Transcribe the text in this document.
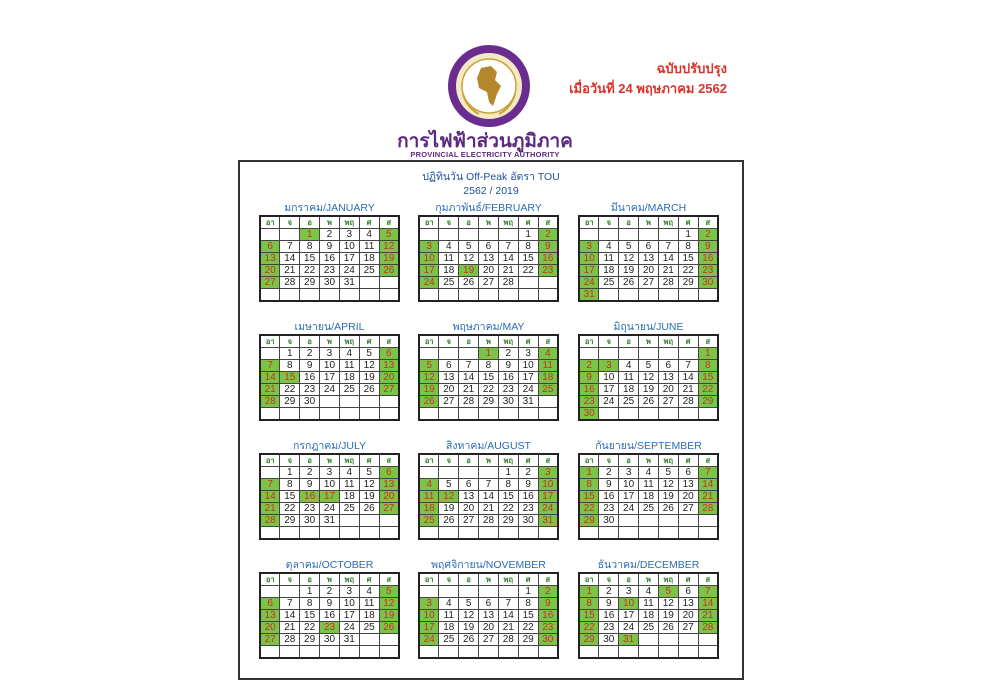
การไฟฟ้าส่วนภูมิภาค
PROVINCIAL ELECTRICITY AUTHORITY
ฉบับปรับปรุง
เมื่อวันที่ 24 พฤษภาคม 2562
ปฏิทินวัน Off-Peak อัตรา TOU
2562 / 2019
มกราคม/JANUARY
อา	จ	อ	พ	พฤ	ศ	ส
		1	2	3	4	5
6	7	8	9	10	11	12
13	14	15	16	17	18	19
20	21	22	23	24	25	26
27	28	29	30	31		

กุมภาพันธ์/FEBRUARY
อา	จ	อ	พ	พฤ	ศ	ส
					1	2
3	4	5	6	7	8	9
10	11	12	13	14	15	16
17	18	19	20	21	22	23
24	25	26	27	28		

มีนาคม/MARCH
อา	จ	อ	พ	พฤ	ศ	ส
					1	2
3	4	5	6	7	8	9
10	11	12	13	14	15	16
17	18	19	20	21	22	23
24	25	26	27	28	29	30
31						
เมษายน/APRIL
อา	จ	อ	พ	พฤ	ศ	ส
	1	2	3	4	5	6
7	8	9	10	11	12	13
14	15	16	17	18	19	20
21	22	23	24	25	26	27
28	29	30				

พฤษภาคม/MAY
อา	จ	อ	พ	พฤ	ศ	ส
			1	2	3	4
5	6	7	8	9	10	11
12	13	14	15	16	17	18
19	20	21	22	23	24	25
26	27	28	29	30	31	

มิถุนายน/JUNE
อา	จ	อ	พ	พฤ	ศ	ส
						1
2	3	4	5	6	7	8
9	10	11	12	13	14	15
16	17	18	19	20	21	22
23	24	25	26	27	28	29
30						
กรกฎาคม/JULY
อา	จ	อ	พ	พฤ	ศ	ส
	1	2	3	4	5	6
7	8	9	10	11	12	13
14	15	16	17	18	19	20
21	22	23	24	25	26	27
28	29	30	31			

สิงหาคม/AUGUST
อา	จ	อ	พ	พฤ	ศ	ส
				1	2	3
4	5	6	7	8	9	10
11	12	13	14	15	16	17
18	19	20	21	22	23	24
25	26	27	28	29	30	31

กันยายน/SEPTEMBER
อา	จ	อ	พ	พฤ	ศ	ส
1	2	3	4	5	6	7
8	9	10	11	12	13	14
15	16	17	18	19	20	21
22	23	24	25	26	27	28
29	30					

ตุลาคม/OCTOBER
อา	จ	อ	พ	พฤ	ศ	ส
		1	2	3	4	5
6	7	8	9	10	11	12
13	14	15	16	17	18	19
20	21	22	23	24	25	26
27	28	29	30	31		

พฤศจิกายน/NOVEMBER
อา	จ	อ	พ	พฤ	ศ	ส
					1	2
3	4	5	6	7	8	9
10	11	12	13	14	15	16
17	18	19	20	21	22	23
24	25	26	27	28	29	30

ธันวาคม/DECEMBER
อา	จ	อ	พ	พฤ	ศ	ส
1	2	3	4	5	6	7
8	9	10	11	12	13	14
15	16	17	18	19	20	21
22	23	24	25	26	27	28
29	30	31				
